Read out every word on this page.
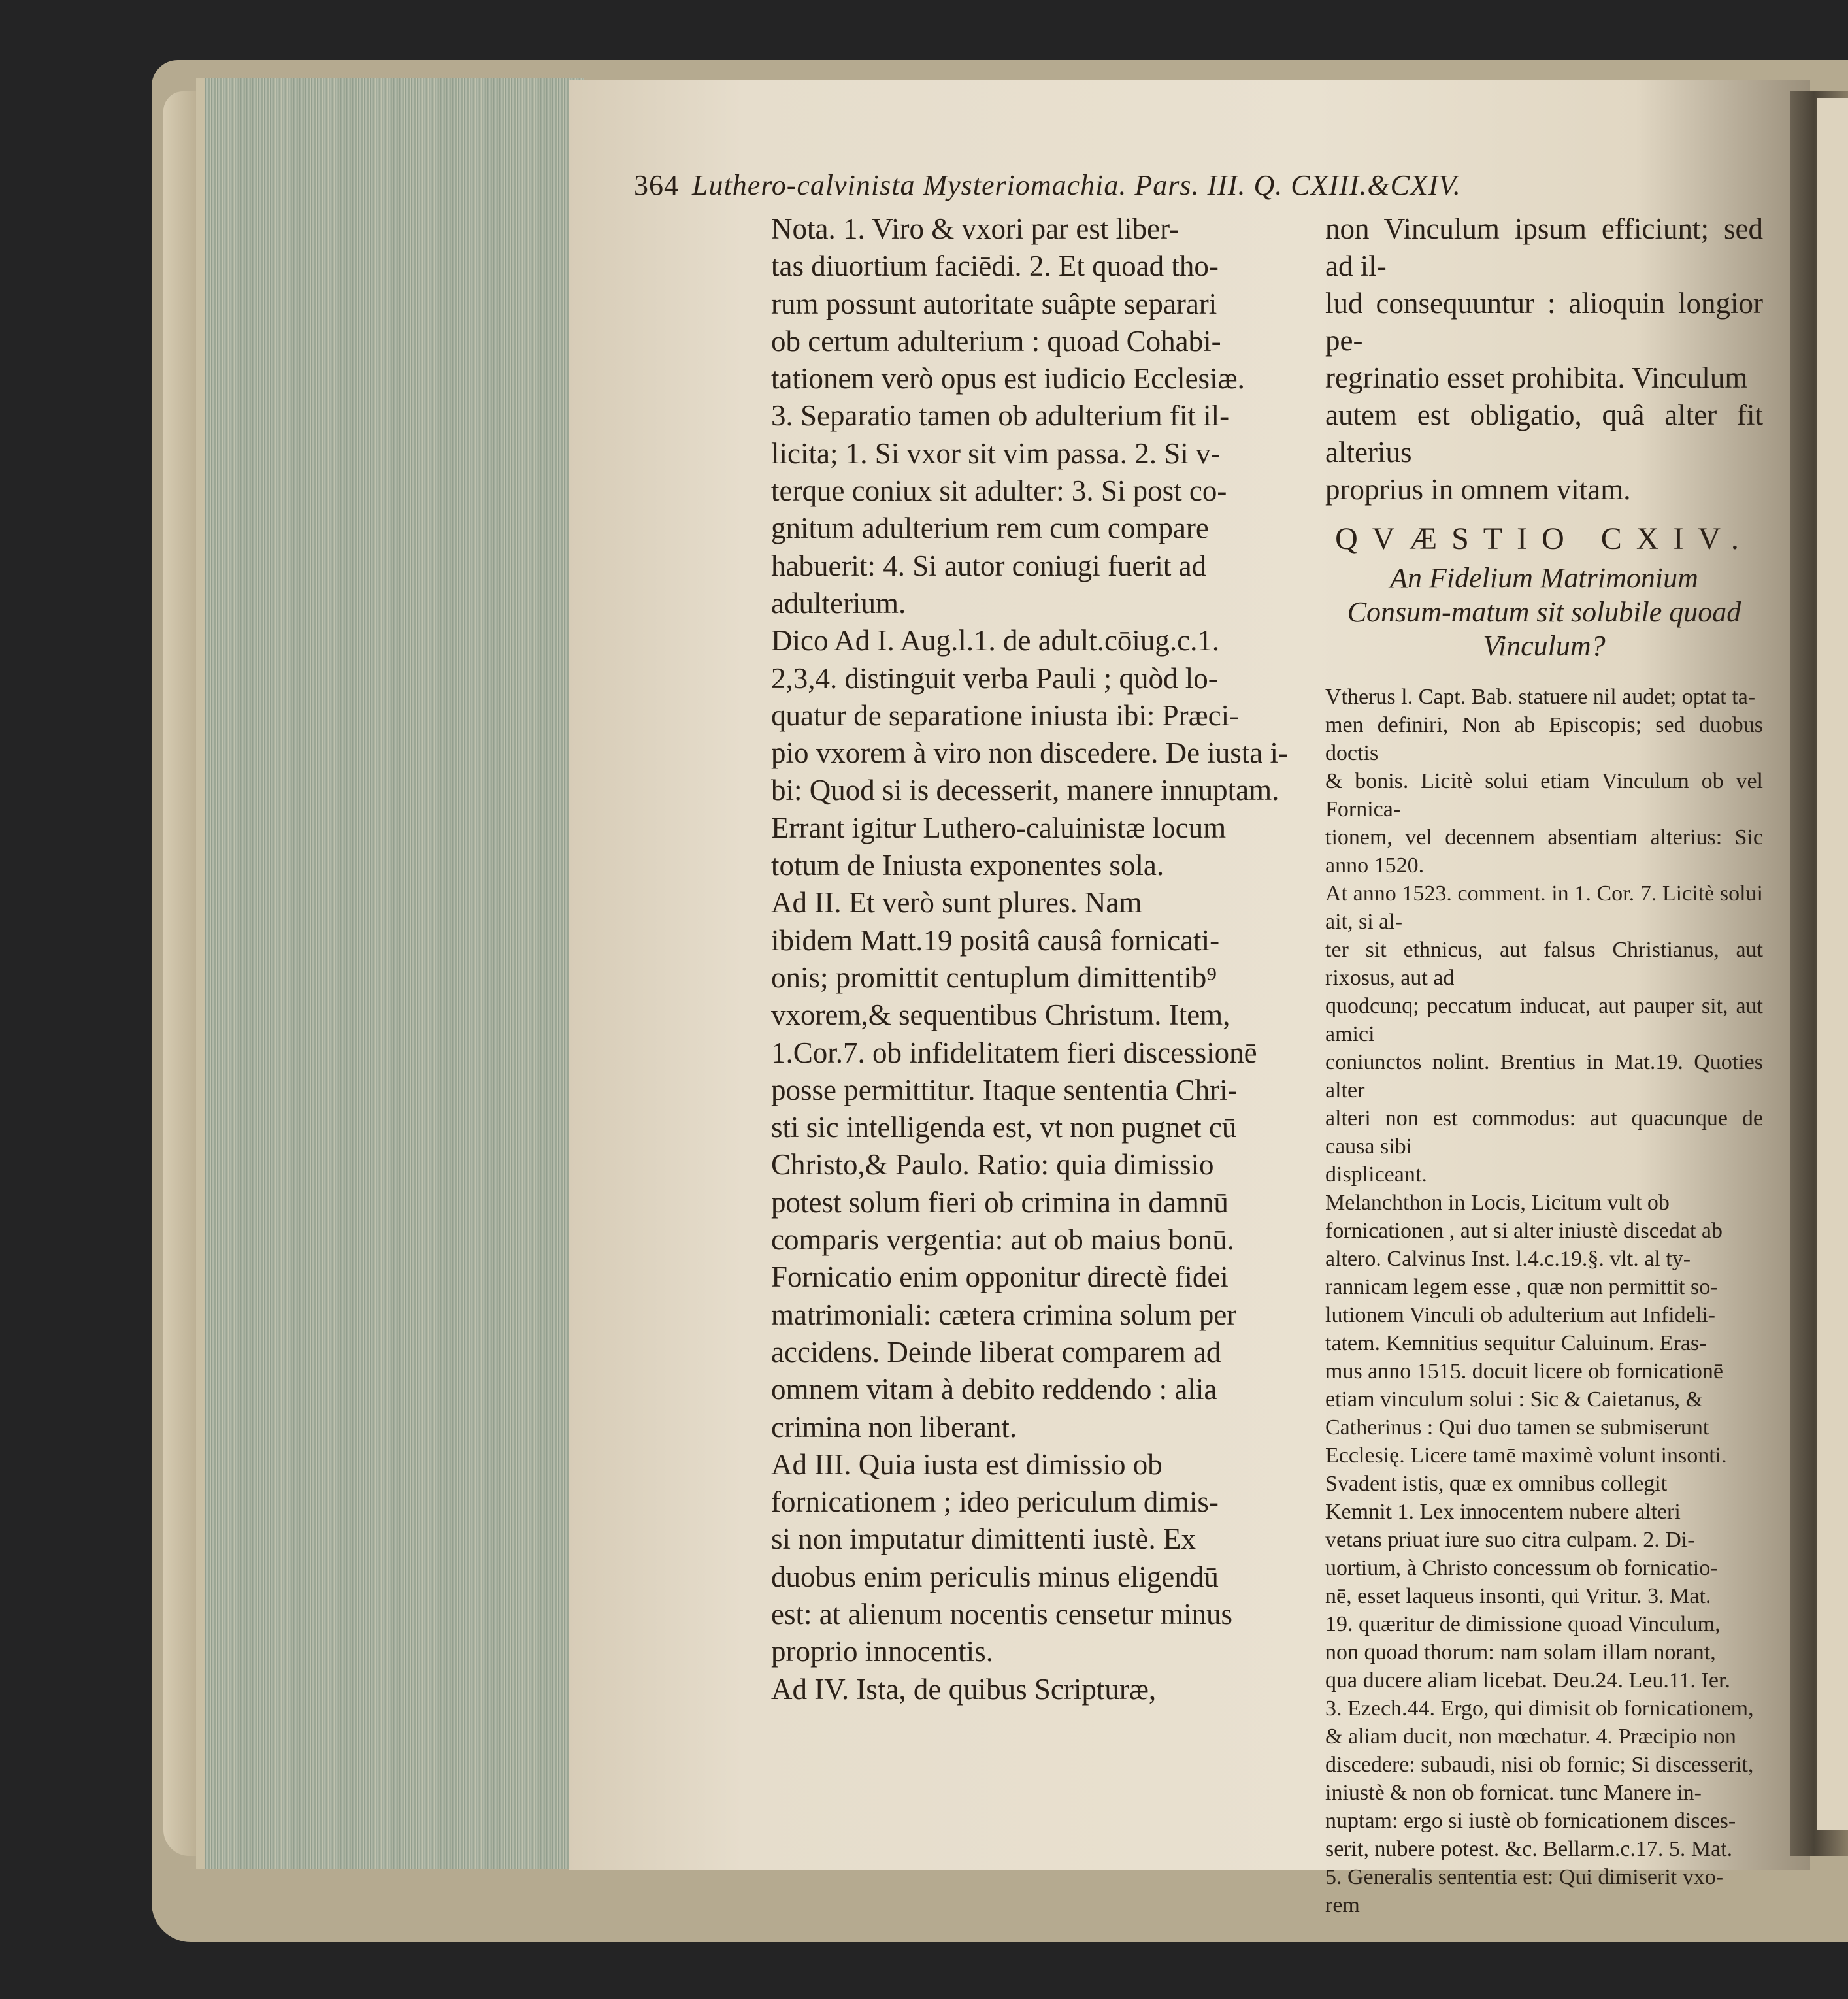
364 Luthero-calvinista Mysteriomachia. Pars. III. Q. CXIII.&CXIV.

Nota. 1. Viro & vxori par est liber-

tas diuortium faciēdi. 2. Et quoad tho-

rum possunt autoritate suâpte separari

ob certum adulterium : quoad Cohabi-

tationem verò opus est iudicio Ecclesiæ.

3. Separatio tamen ob adulterium fit il-

licita; 1. Si vxor sit vim passa. 2. Si v-

terque coniux sit adulter: 3. Si post co-

gnitum adulterium rem cum compare

habuerit: 4. Si autor coniugi fuerit ad

adulterium.

Dico Ad I. Aug.l.1. de adult.cōiug.c.1.

2,3,4. distinguit verba Pauli ; quòd lo-

quatur de separatione iniusta ibi: Præci-

pio vxorem à viro non discedere. De iusta i-

bi: Quod si is decesserit, manere innuptam.

Errant igitur Luthero-caluinistæ locum

totum de Iniusta exponentes sola.

Ad II. Et verò sunt plures. Nam

ibidem Matt.19 positâ causâ fornicati-

onis; promittit centuplum dimittentib⁹

vxorem,& sequentibus Christum. Item,

1.Cor.7. ob infidelitatem fieri discessionē

posse permittitur. Itaque sententia Chri-

sti sic intelligenda est, vt non pugnet cū

Christo,& Paulo. Ratio: quia dimissio

potest solum fieri ob crimina in damnū

comparis vergentia: aut ob maius bonū.

Fornicatio enim opponitur directè fidei

matrimoniali: cætera crimina solum per

accidens. Deinde liberat comparem ad

omnem vitam à debito reddendo : alia

crimina non liberant.

Ad III. Quia iusta est dimissio ob

fornicationem ; ideo periculum dimis-

si non imputatur dimittenti iustè. Ex

duobus enim periculis minus eligendū

est: at alienum nocentis censetur minus

proprio innocentis.

Ad IV. Ista, de quibus Scripturæ,

non Vinculum ipsum efficiunt; sed ad il-

lud consequuntur : alioquin longior pe-

regrinatio esset prohibita. Vinculum

autem est obligatio, quâ alter fit alterius

proprius in omnem vitam.

QVÆSTIO CXIV.
An Fidelium Matrimonium Consum-matum sit solubile quoad Vinculum?

Vtherus l. Capt. Bab. statuere nil audet; optat ta-

men definiri, Non ab Episcopis; sed duobus doctis

& bonis. Licitè solui etiam Vinculum ob vel Fornica-

tionem, vel decennem absentiam alterius: Sic anno 1520.

At anno 1523. comment. in 1. Cor. 7. Licitè solui ait, si al-

ter sit ethnicus, aut falsus Christianus, aut rixosus, aut ad

quodcunq; peccatum inducat, aut pauper sit, aut amici

coniunctos nolint. Brentius in Mat.19. Quoties alter

alteri non est commodus: aut quacunque de causa sibi

displiceant.

Melanchthon in Locis, Licitum vult ob

fornicationen , aut si alter iniustè discedat ab

altero. Calvinus Inst. l.4.c.19.§. vlt. al ty-

rannicam legem esse , quæ non permittit so-

lutionem Vinculi ob adulterium aut Infideli-

tatem. Kemnitius sequitur Caluinum. Eras-

mus anno 1515. docuit licere ob fornicationē

etiam vinculum solui : Sic & Caietanus, &

Catherinus : Qui duo tamen se submiserunt

Ecclesię. Licere tamē maximè volunt insonti.

Svadent istis, quæ ex omnibus collegit

Kemnit 1. Lex innocentem nubere alteri

vetans priuat iure suo citra culpam. 2. Di-

uortium, à Christo concessum ob fornicatio-

nē, esset laqueus insonti, qui Vritur. 3. Mat.

19. quæritur de dimissione quoad Vinculum,

non quoad thorum: nam solam illam norant,

qua ducere aliam licebat. Deu.24. Leu.11. Ier.

3. Ezech.44. Ergo, qui dimisit ob fornicationem,

& aliam ducit, non mœchatur. 4. Præcipio non

discedere: subaudi, nisi ob fornic; Si discesserit,

iniustè & non ob fornicat. tunc Manere in-

nuptam: ergo si iustè ob fornicationem disces-

serit, nubere potest. &c. Bellarm.c.17. 5. Mat.

5. Generalis sententia est: Qui dimiserit vxo-

rem
